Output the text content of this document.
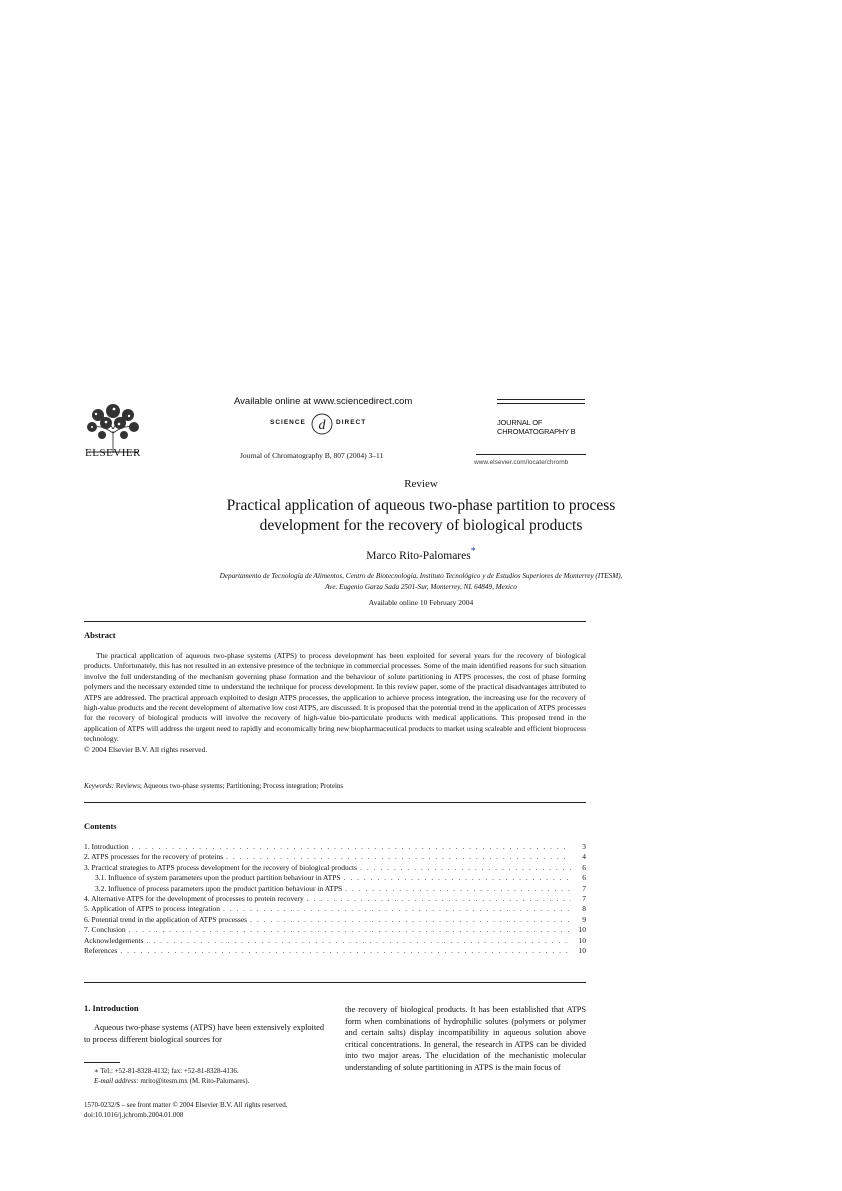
ELSEVIER
Available online at www.sciencedirect.com
d
SCIENCE	DIRECT
Journal of Chromatography B, 807 (2004) 3–11
JOURNAL OF
CHROMATOGRAPHY B
www.elsevier.com/locate/chromb
Review
Practical application of aqueous two-phase partition to process
development for the recovery of biological products
Marco Rito-Palomares*
Departamento de Tecnología de Alimentos, Centro de Biotecnología, Instituto Tecnológico y de Estudios Superiores de Monterrey (ITESM),
Ave. Eugenio Garza Sada 2501-Sur, Monterrey, NL 64849, Mexico
Available online 10 February 2004
Abstract

The practical application of aqueous two-phase systems (ATPS) to process development has been exploited for several years for the recovery of biological products. Unfortunately, this has not resulted in an extensive presence of the technique in commercial processes. Some of the main identified reasons for such situation involve the full understanding of the mechanism governing phase formation and the behaviour of solute partitioning in ATPS processes, the cost of phase forming polymers and the necessary extended time to understand the technique for process development. In this review paper, some of the practical disadvantages attributed to ATPS are addressed. The practical approach exploited to design ATPS processes, the application to achieve process integration, the increasing use for the recovery of high-value products and the recent development of alternative low cost ATPS, are discussed. It is proposed that the potential trend in the application of ATPS processes for the recovery of biological products will involve the recovery of high-value bio-particulate products with medical applications. This proposed trend in the application of ATPS will address the urgent need to rapidly and economically bring new biopharmaceutical products to market using scaleable and efficient bioprocess technology.

© 2004 Elsevier B.V. All rights reserved.

Keywords: Reviews; Aqueous two-phase systems; Partitioning; Process integration; Proteins
Contents
1. Introduction . . .	3
2. ATPS processes for the recovery of proteins . . .	4
3. Practical strategies to ATPS process development for the recovery of biological products . . .	6
3.1. Influence of system parameters upon the product partition behaviour in ATPS . . .	6
3.2. Influence of process parameters upon the product partition behaviour in ATPS . . .	7
4. Alternative ATPS for the development of processes to protein recovery . . .	7
5. Application of ATPS to process integration . . .	8
6. Potential trend in the application of ATPS processes . . .	9
7. Conclusion . . .	10
Acknowledgements . . .	10
References . . .	10
1. Introduction

Aqueous two-phase systems (ATPS) have been extensively exploited to process different biological sources for

the recovery of biological products. It has been established that ATPS form when combinations of hydrophilic solutes (polymers or polymer and certain salts) display incompatibility in aqueous solution above critical concentrations. In general, the research in ATPS can be divided into two major areas. The elucidation of the mechanistic molecular understanding of solute partitioning in ATPS is the main focus of

∗ Tel.: +52-81-8328-4132; fax: +52-81-8328-4136.
E-mail address: mrito@itesm.mx (M. Rito-Palomares).
1570-0232/$ – see front matter © 2004 Elsevier B.V. All rights reserved.
doi:10.1016/j.jchromb.2004.01.008
